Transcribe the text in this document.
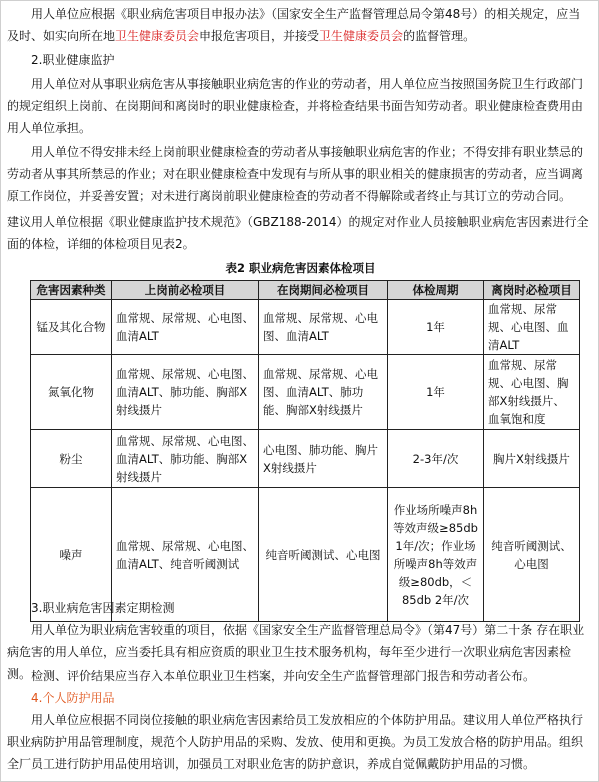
用人单位应根据《职业病危害项目申报办法》（国家安全生产监督管理总局令第48号）的相关规定，应当及时、如实向所在地卫生健康委员会申报危害项目，并接受卫生健康委员会的监督管理。
2.职业健康监护
用人单位对从事职业病危害从事接触职业病危害的作业的劳动者，用人单位应当按照国务院卫生行政部门的规定组织上岗前、在岗期间和离岗时的职业健康检查，并将检查结果书面告知劳动者。职业健康检查费用由用人单位承担。
用人单位不得安排未经上岗前职业健康检查的劳动者从事接触职业病危害的作业；不得安排有职业禁忌的劳动者从事其所禁忌的作业；对在职业健康检查中发现有与所从事的职业相关的健康损害的劳动者，应当调离原工作岗位，并妥善安置；对未进行离岗前职业健康检查的劳动者不得解除或者终止与其订立的劳动合同。
建议用人单位根据《职业健康监护技术规范》（GBZ188-2014）的规定对作业人员接触职业病危害因素进行全面的体检，详细的体检项目见表2。
表2 职业病危害因素体检项目
危害因素种类	上岗前必检项目	在岗期间必检项目	体检周期	离岗时必检项目
锰及其化合物	血常规、尿常规、心电图、血清ALT	血常规、尿常规、心电图、血清ALT	1年	血常规、尿常规、心电图、血清ALT
氮氧化物	血常规、尿常规、心电图、血清ALT、肺功能、胸部X射线摄片	血常规、尿常规、心电图、血清ALT、肺功能、胸部X射线摄片	1年	血常规、尿常规、心电图、胸部X射线摄片、血氧饱和度
粉尘	血常规、尿常规、心电图、血清ALT、肺功能、胸部X射线摄片	心电图、肺功能、胸片X射线摄片	2-3年/次	胸片X射线摄片
噪声	血常规、尿常规、心电图、血清ALT、纯音听阈测试	纯音听阈测试、心电图	作业场所噪声8h等效声级≥85db 1年/次；作业场所噪声8h等效声级≥80db，＜85db 2年/次	纯音听阈测试、心电图
3.职业病危害因素定期检测
用人单位为职业病危害较重的项目，依据《国家安全生产监督管理总局令》（第47号）第二十条 存在职业病危害的用人单位，应当委托具有相应资质的职业卫生技术服务机构，每年至少进行一次职业病危害因素检测。 检测、评价结果应当存入本单位职业卫生档案，并向安全生产监督管理部门报告和劳动者公布。
4.个人防护用品
用人单位应根据不同岗位接触的职业病危害因素给员工发放相应的个体防护用品。建议用人单位严格执行职业病防护用品管理制度，规范个人防护用品的采购、发放、使用和更换。为员工发放合格的防护用品。组织全厂员工进行防护用品使用培训，加强员工对职业危害的防护意识，养成自觉佩戴防护用品的习惯。
